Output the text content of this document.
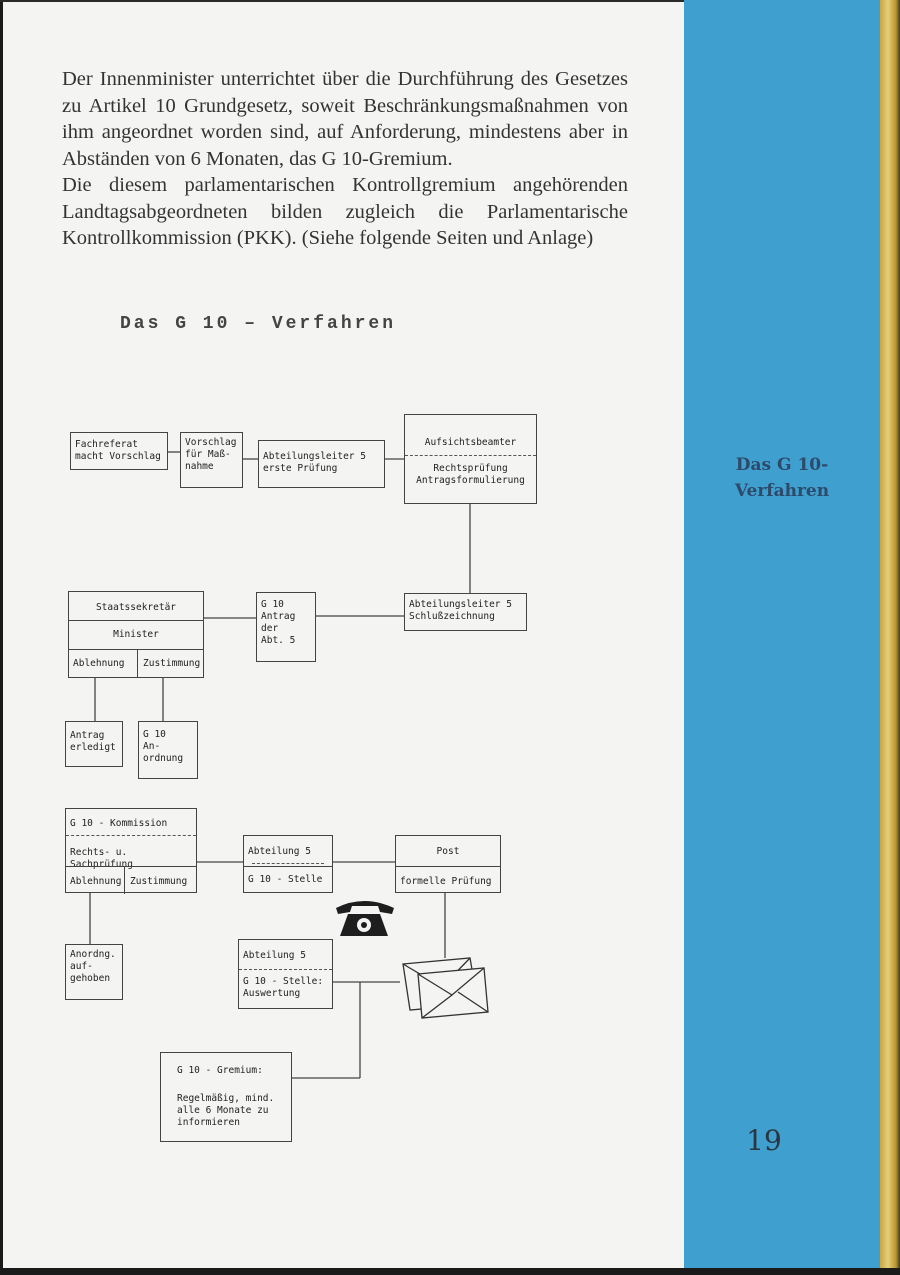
Das G 10-
Verfahren
19

Der Innenminister unterrichtet über die Durchführung des Gesetzes zu Artikel 10 Grundgesetz, soweit Beschränkungsmaßnahmen von ihm angeordnet worden sind, auf Anforderung, mindestens aber in Abständen von 6 Monaten, das G 10-Gremium.

Die diesem parlamentarischen Kontrollgremium angehörenden Landtagsabgeordneten bilden zugleich die Parlamentarische Kontrollkommission (PKK). (Siehe folgende Seiten und Anlage)

Das G 10 – Verfahren
Fachreferat
macht Vorschlag
Vorschlag
für Maß-
nahme
Abteilungsleiter 5
erste Prüfung
Aufsichtsbeamter
Rechtsprüfung
Antragsformulierung
Staatssekretär
Minister
Ablehnung	Zustimmung
G 10
Antrag
der
Abt. 5
Abteilungsleiter 5
Schlußzeichnung
Antrag
erledigt
G 10
An-
ordnung
G 10 - Kommission
Rechts- u. Sachprüfung
Ablehnung Zustimmung
Abteilung 5
G 10 - Stelle
Post
formelle Prüfung
Anordng.
auf-
gehoben
Abteilung 5
G 10 - Stelle:
Auswertung
G 10 - Gremium:
Regelmäßig, mind.
alle 6 Monate zu
informieren
